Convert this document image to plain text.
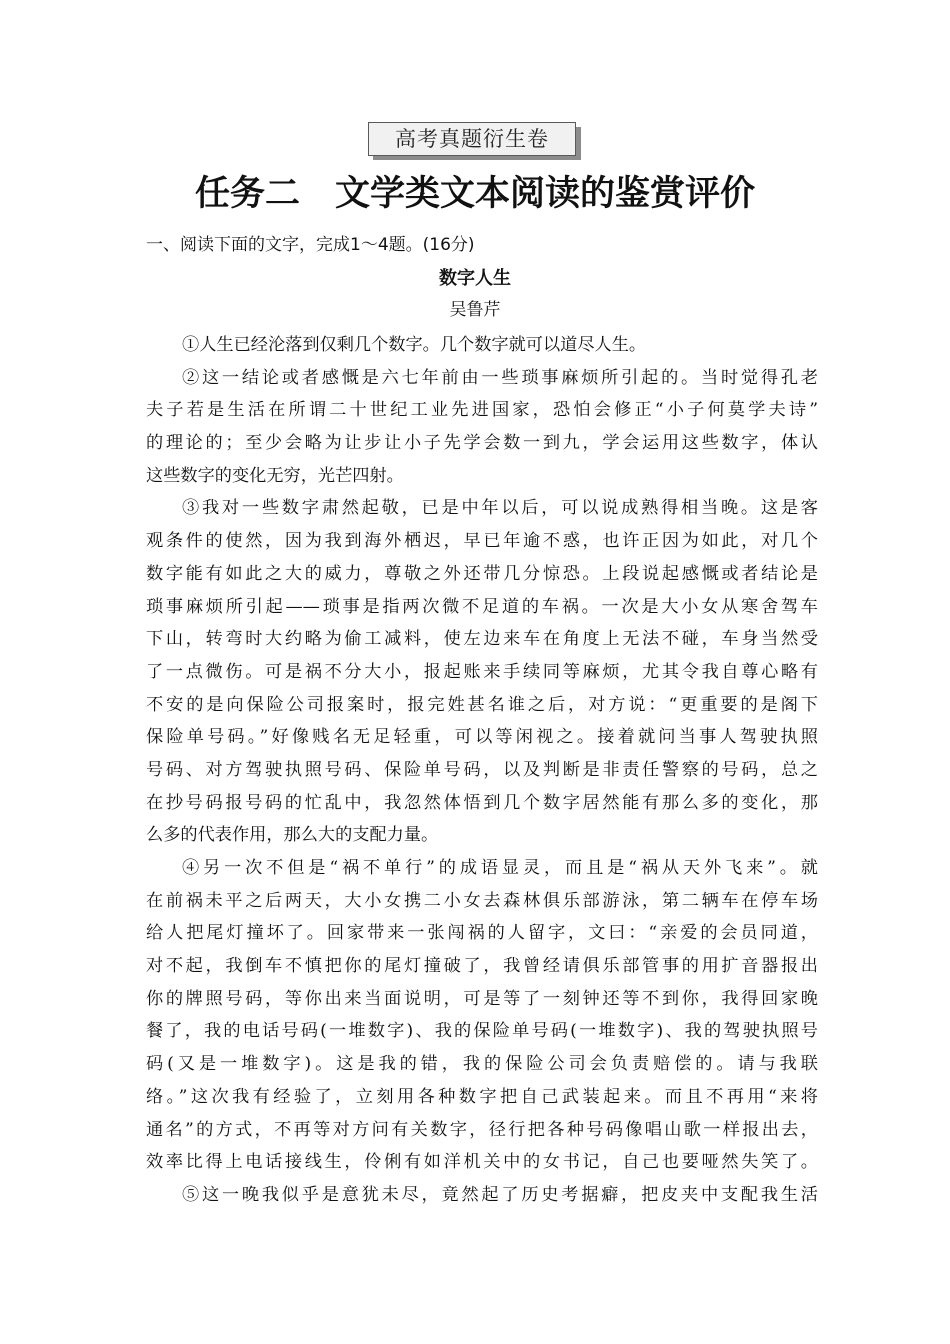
高考真题衍生卷
任务二　文学类文本阅读的鉴赏评价
一、阅读下面的文字，完成1～4题。(16分)
数字人生
吴鲁芹
①人生已经沦落到仅剩几个数字。几个数字就可以道尽人生。
②这一结论或者感慨是六七年前由一些琐事麻烦所引起的。当时觉得孔老
夫子若是生活在所谓二十世纪工业先进国家，恐怕会修正“小子何莫学夫诗”
的理论的；至少会略为让步让小子先学会数一到九，学会运用这些数字，体认
这些数字的变化无穷，光芒四射。
③我对一些数字肃然起敬，已是中年以后，可以说成熟得相当晚。这是客
观条件的使然，因为我到海外栖迟，早已年逾不惑，也许正因为如此，对几个
数字能有如此之大的威力，尊敬之外还带几分惊恐。上段说起感慨或者结论是
琐事麻烦所引起——琐事是指两次微不足道的车祸。一次是大小女从寒舍驾车
下山，转弯时大约略为偷工减料，使左边来车在角度上无法不碰，车身当然受
了一点微伤。可是祸不分大小，报起账来手续同等麻烦，尤其令我自尊心略有
不安的是向保险公司报案时，报完姓甚名谁之后，对方说：“更重要的是阁下
保险单号码。”好像贱名无足轻重，可以等闲视之。接着就问当事人驾驶执照
号码、对方驾驶执照号码、保险单号码，以及判断是非责任警察的号码，总之
在抄号码报号码的忙乱中，我忽然体悟到几个数字居然能有那么多的变化，那
么多的代表作用，那么大的支配力量。
④另一次不但是“祸不单行”的成语显灵，而且是“祸从天外飞来”。就
在前祸未平之后两天，大小女携二小女去森林俱乐部游泳，第二辆车在停车场
给人把尾灯撞坏了。回家带来一张闯祸的人留字，文曰：“亲爱的会员同道，
对不起，我倒车不慎把你的尾灯撞破了，我曾经请俱乐部管事的用扩音器报出
你的牌照号码，等你出来当面说明，可是等了一刻钟还等不到你，我得回家晚
餐了，我的电话号码(一堆数字)、我的保险单号码(一堆数字)、我的驾驶执照号
码(又是一堆数字)。这是我的错，我的保险公司会负责赔偿的。请与我联
络。”这次我有经验了，立刻用各种数字把自己武装起来。而且不再用“来将
通名”的方式，不再等对方问有关数字，径行把各种号码像唱山歌一样报出去，
效率比得上电话接线生，伶俐有如洋机关中的女书记，自己也要哑然失笑了。
⑤这一晚我似乎是意犹未尽，竟然起了历史考据癖，把皮夹中支配我生活
